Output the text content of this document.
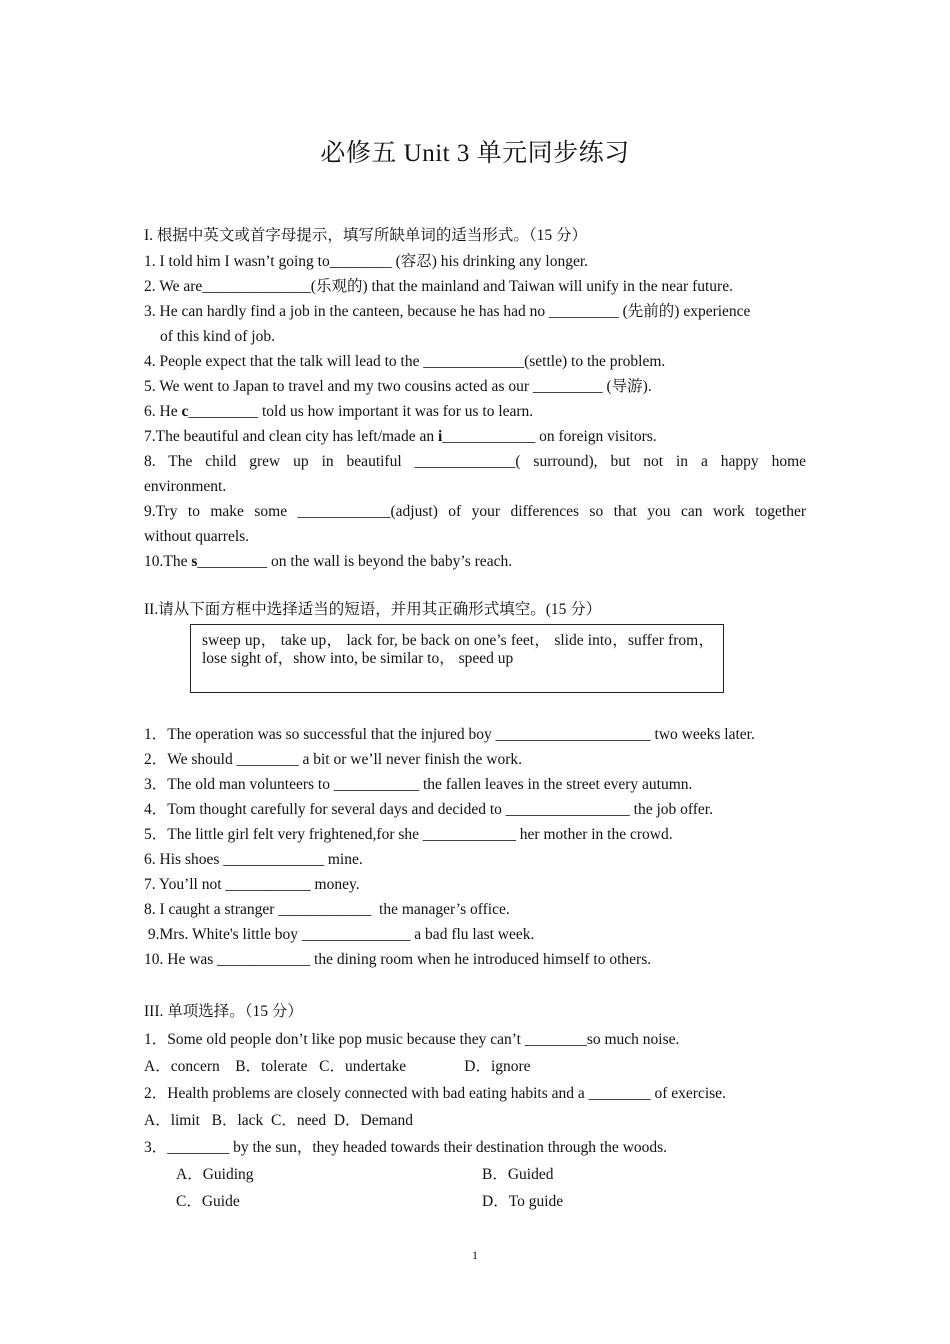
必修五 Unit 3 单元同步练习
I. 根据中英文或首字母提示，填写所缺单词的适当形式。（15 分）
1. I told him I wasn’t going to________ (容忍) his drinking any longer.
2. We are______________(乐观的) that the mainland and Taiwan will unify in the near future.
3. He can hardly find a job in the canteen, because he has had no _________ (先前的) experience
of this kind of job.
4. People expect that the talk will lead to the _____________(settle) to the problem.
5. We went to Japan to travel and my two cousins acted as our _________ (导游).
6. He c_________ told us how important it was for us to learn.
7.The beautiful and clean city has left/made an i____________ on foreign visitors.
8. The child grew up in beautiful _____________( surround), but not in a happy home
environment.
9.Try to make some ____________(adjust) of your differences so that you can work together
without quarrels.
10.The s_________ on the wall is beyond the baby’s reach.
II.请从下面方框中选择适当的短语，并用其正确形式填空。(15 分）
sweep up， take up， lack for, be back on one’s feet， slide into，suffer from，lose sight of，show into, be similar to， speed up
1．The operation was so successful that the injured boy ____________________ two weeks later.
2．We should ________ a bit or we’ll never finish the work.
3．The old man volunteers to ___________ the fallen leaves in the street every autumn.
4．Tom thought carefully for several days and decided to ________________ the job offer.
5．The little girl felt very frightened,for she ____________ her mother in the crowd.
6. His shoes _____________ mine.
7. You’ll not ___________ money.
8. I caught a stranger ____________  the manager’s office.
9.Mrs. White's little boy ______________ a bad flu last week.
10. He was ____________ the dining room when he introduced himself to others.
III. 单项选择。（15 分）
1．Some old people don’t like pop music because they can’t ________so much noise.
A．concern    B．tolerate   C．undertake               D．ignore
2．Health problems are closely connected with bad eating habits and a ________ of exercise.
A．limit   B．lack  C．need  D．Demand
3．________ by the sun，they headed towards their destination through the woods.
A．Guiding	B．Guided
C．Guide	D．To guide
1
